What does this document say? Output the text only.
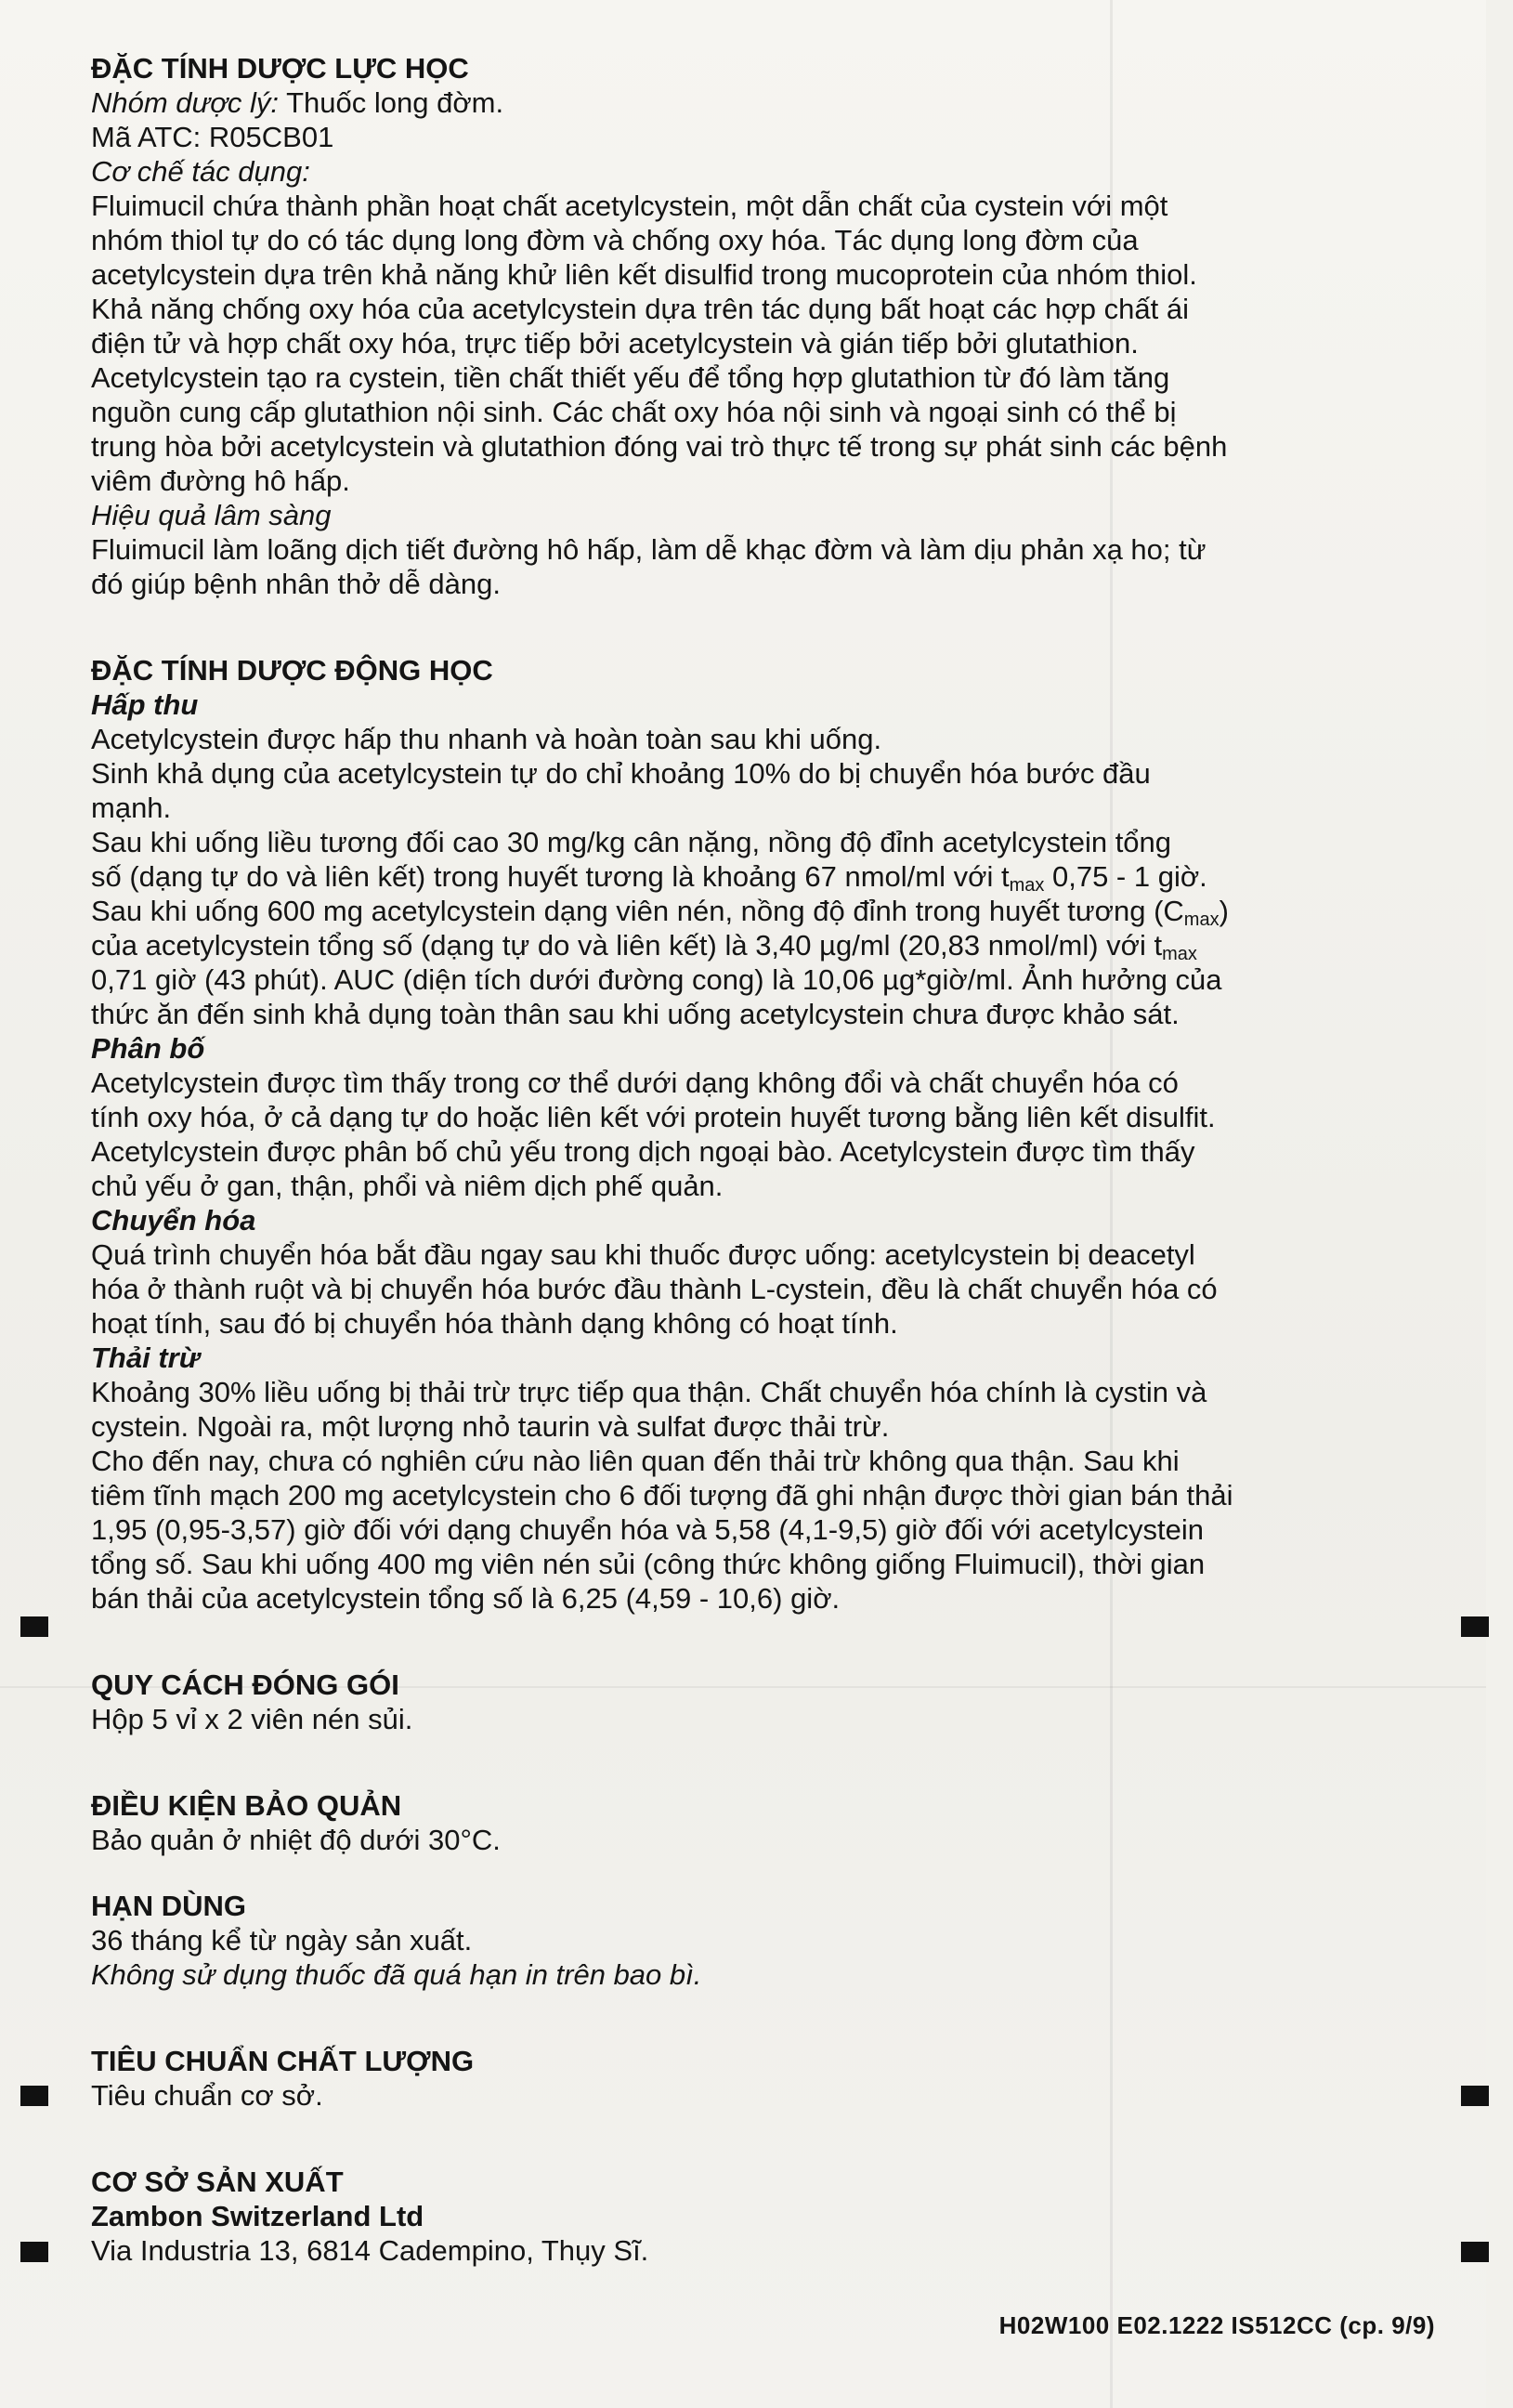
ĐẶC TÍNH DƯỢC LỰC HỌC

Nhóm dược lý: Thuốc long đờm.

Mã ATC: R05CB01

Cơ chế tác dụng:

Fluimucil chứa thành phần hoạt chất acetylcystein, một dẫn chất của cystein với một

nhóm thiol tự do có tác dụng long đờm và chống oxy hóa. Tác dụng long đờm của

acetylcystein dựa trên khả năng khử liên kết disulfid trong mucoprotein của nhóm thiol.

Khả năng chống oxy hóa của acetylcystein dựa trên tác dụng bất hoạt các hợp chất ái

điện tử và hợp chất oxy hóa, trực tiếp bởi acetylcystein và gián tiếp bởi glutathion.

Acetylcystein tạo ra cystein, tiền chất thiết yếu để tổng hợp glutathion từ đó làm tăng

nguồn cung cấp glutathion nội sinh. Các chất oxy hóa nội sinh và ngoại sinh có thể bị

trung hòa bởi acetylcystein và glutathion đóng vai trò thực tế trong sự phát sinh các bệnh

viêm đường hô hấp.

Hiệu quả lâm sàng

Fluimucil làm loãng dịch tiết đường hô hấp, làm dễ khạc đờm và làm dịu phản xạ ho; từ

đó giúp bệnh nhân thở dễ dàng.

ĐẶC TÍNH DƯỢC ĐỘNG HỌC

Hấp thu

Acetylcystein được hấp thu nhanh và hoàn toàn sau khi uống.

Sinh khả dụng của acetylcystein tự do chỉ khoảng 10% do bị chuyển hóa bước đầu

mạnh.

Sau khi uống liều tương đối cao 30 mg/kg cân nặng, nồng độ đỉnh acetylcystein tổng

số (dạng tự do và liên kết) trong huyết tương là khoảng 67 nmol/ml với $t_{max}$ 0,75 - 1 giờ.

Sau khi uống 600 mg acetylcystein dạng viên nén, nồng độ đỉnh trong huyết tương $(C_{max})$

của acetylcystein tổng số (dạng tự do và liên kết) là 3,40 µg/ml (20,83 nmol/ml) với $t_{max}$

0,71 giờ (43 phút). AUC (diện tích dưới đường cong) là 10,06 µg*giờ/ml. Ảnh hưởng của

thức ăn đến sinh khả dụng toàn thân sau khi uống acetylcystein chưa được khảo sát.

Phân bố

Acetylcystein được tìm thấy trong cơ thể dưới dạng không đổi và chất chuyển hóa có

tính oxy hóa, ở cả dạng tự do hoặc liên kết với protein huyết tương bằng liên kết disulfit.

Acetylcystein được phân bố chủ yếu trong dịch ngoại bào. Acetylcystein được tìm thấy

chủ yếu ở gan, thận, phổi và niêm dịch phế quản.

Chuyển hóa

Quá trình chuyển hóa bắt đầu ngay sau khi thuốc được uống: acetylcystein bị deacetyl

hóa ở thành ruột và bị chuyển hóa bước đầu thành L-cystein, đều là chất chuyển hóa có

hoạt tính, sau đó bị chuyển hóa thành dạng không có hoạt tính.

Thải trừ

Khoảng 30% liều uống bị thải trừ trực tiếp qua thận. Chất chuyển hóa chính là cystin và

cystein. Ngoài ra, một lượng nhỏ taurin và sulfat được thải trừ.

Cho đến nay, chưa có nghiên cứu nào liên quan đến thải trừ không qua thận. Sau khi

tiêm tĩnh mạch 200 mg acetylcystein cho 6 đối tượng đã ghi nhận được thời gian bán thải

1,95 (0,95-3,57) giờ đối với dạng chuyển hóa và 5,58 (4,1-9,5) giờ đối với acetylcystein

tổng số. Sau khi uống 400 mg viên nén sủi (công thức không giống Fluimucil), thời gian

bán thải của acetylcystein tổng số là 6,25 (4,59 - 10,6) giờ.

QUY CÁCH ĐÓNG GÓI

Hộp 5 vỉ x 2 viên nén sủi.

ĐIỀU KIỆN BẢO QUẢN

Bảo quản ở nhiệt độ dưới 30°C.

HẠN DÙNG

36 tháng kể từ ngày sản xuất.

Không sử dụng thuốc đã quá hạn in trên bao bì.

TIÊU CHUẨN CHẤT LƯỢNG

Tiêu chuẩn cơ sở.

CƠ SỞ SẢN XUẤT

Zambon Switzerland Ltd

Via Industria 13, 6814 Cadempino, Thụy Sĩ.

H02W100 E02.1222 IS512CC (cp. 9/9)
